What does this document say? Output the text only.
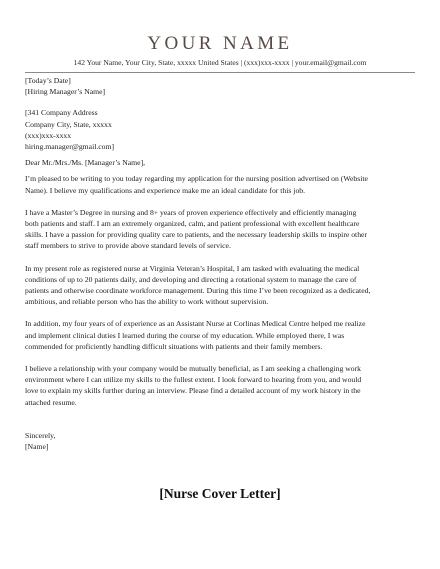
YOUR NAME
142 Your Name, Your City, State, xxxxx United States | (xxx)xxx-xxxx | your.email@gmail.com

[Today’s Date]

[Hiring Manager’s Name]

[341 Company Address

Company City, State, xxxxx

(xxx)xxx-xxxx

hiring.manager@gmail.com]

Dear Mr./Mrs./Ms. [Manager’s Name],

I’m pleased to be writing to you today regarding my application for the nursing position advertised on (Website
Name). I believe my qualifications and experience make me an ideal candidate for this job.
I have a Master’s Degree in nursing and 8+ years of proven experience effectively and efficiently managing
both patients and staff. I am an extremely organized, calm, and patient professional with excellent healthcare
skills. I have a passion for providing quality care to patients, and the necessary leadership skills to inspire other
staff members to strive to provide above standard levels of service.
In my present role as registered nurse at Virginia Veteran’s Hospital, I am tasked with evaluating the medical
conditions of up to 20 patients daily, and developing and directing a rotational system to manage the care of
patients and otherwise coordinate workforce management. During this time I’ve been recognized as a dedicated,
ambitious, and reliable person who has the ability to work without supervision.
In addition, my four years of of experience as an Assistant Nurse at Corlinas Medical Centre helped me realize
and implement clinical duties I learned during the course of my education. While employed there, I was
commended for proficiently handling difficult situations with patients and their family members.
I believe a relationship with your company would be mutually beneficial, as I am seeking a challenging work
environment where I can utilize my skills to the fullest extent. I look forward to hearing from you, and would
love to explain my skills further during an interview. Please find a detailed account of my work history in the
attached resume.

Sincerely,

[Name]

[Nurse Cover Letter]
